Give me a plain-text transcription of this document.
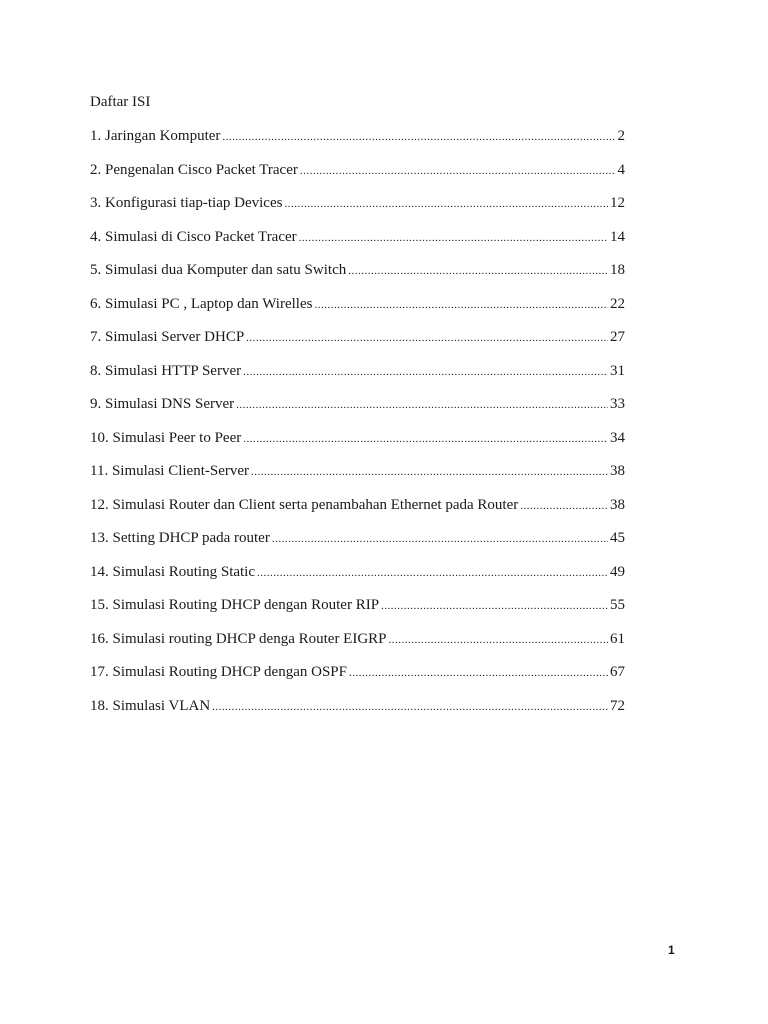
Daftar ISI
1. Jaringan Komputer .....	2
2. Pengenalan Cisco Packet Tracer .....	4
3. Konfigurasi tiap-tiap Devices .....	12
4. Simulasi di Cisco Packet Tracer .....	14
5. Simulasi dua Komputer dan satu Switch .....	18
6. Simulasi PC , Laptop dan Wirelles .....	22
7. Simulasi Server DHCP .....	27
8. Simulasi HTTP Server .....	31
9. Simulasi DNS Server .....	33
10. Simulasi Peer to Peer .....	34
11. Simulasi Client-Server .....	38
12. Simulasi Router dan Client serta penambahan Ethernet pada Router .....	38
13. Setting DHCP pada router .....	45
14. Simulasi Routing Static .....	49
15. Simulasi Routing DHCP dengan Router RIP .....	55
16. Simulasi routing DHCP denga Router EIGRP .....	61
17. Simulasi Routing DHCP dengan OSPF .....	67
18. Simulasi VLAN .....	72
1
